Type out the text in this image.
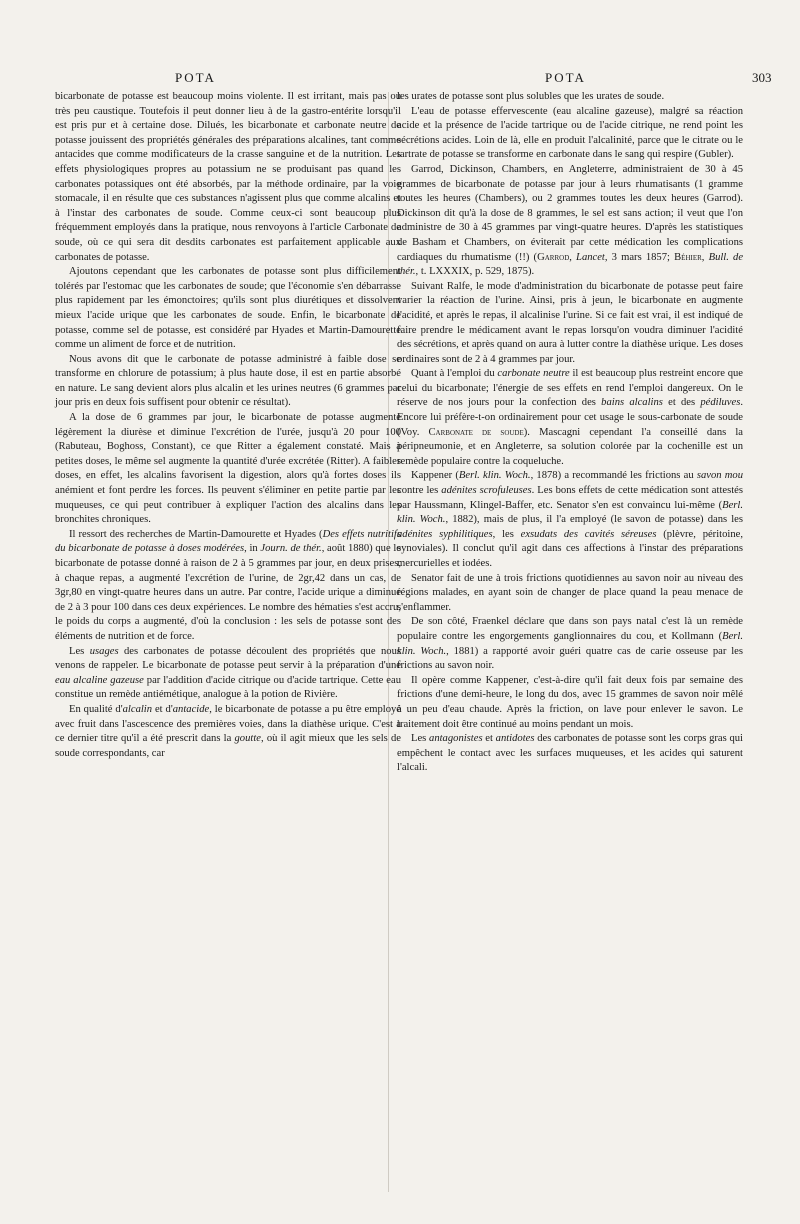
POTA	POTA	303

bicarbonate de potasse est beaucoup moins violente. Il est irritant, mais pas ou très peu caustique. Toutefois il peut donner lieu à de la gastro-entérite lorsqu'il est pris pur et à certaine dose. Dilués, les bicarbonate et carbonate neutre de potasse jouissent des propriétés générales des préparations alcalines, tant comme antacides que comme modificateurs de la crasse sanguine et de la nutrition. Les effets physiologiques propres au potassium ne se produisant pas quand les carbonates potassiques ont été absorbés, par la méthode ordinaire, par la voie stomacale, il en résulte que ces substances n'agissent plus que comme alcalins et à l'instar des carbonates de soude. Comme ceux-ci sont beaucoup plus fréquemment employés dans la pratique, nous renvoyons à l'article Carbonate de soude, où ce qui sera dit desdits carbonates est parfaitement applicable aux carbonates de potasse.

Ajoutons cependant que les carbonates de potasse sont plus difficilement tolérés par l'estomac que les carbonates de soude; que l'économie s'en débarrasse plus rapidement par les émonctoires; qu'ils sont plus diurétiques et dissolvent mieux l'acide urique que les carbonates de soude. Enfin, le bicarbonate de potasse, comme sel de potasse, est considéré par Hyades et Martin-Damourette comme un aliment de force et de nutrition.

Nous avons dit que le carbonate de potasse administré à faible dose se transforme en chlorure de potassium; à plus haute dose, il est en partie absorbé en nature. Le sang devient alors plus alcalin et les urines neutres (6 grammes par jour pris en deux fois suffisent pour obtenir ce résultat).

A la dose de 6 grammes par jour, le bicarbonate de potasse augmente légèrement la diurèse et diminue l'excrétion de l'urée, jusqu'à 20 pour 100 (Rabuteau, Boghoss, Constant), ce que Ritter a également constaté. Mais à petites doses, le même sel augmente la quantité d'urée excrétée (Ritter). A faibles doses, en effet, les alcalins favorisent la digestion, alors qu'à fortes doses ils anémient et font perdre les forces. Ils peuvent s'éliminer en petite partie par les muqueuses, ce qui peut contribuer à expliquer l'action des alcalins dans les bronchites chroniques.

Il ressort des recherches de Martin-Damourette et Hyades (Des effets nutritifs du bicarbonate de potasse à doses modérées, in Journ. de thér., août 1880) que le bicarbonate de potasse donné à raison de 2 à 5 grammes par jour, en deux prises, à chaque repas, a augmenté l'excrétion de l'urine, de 2gr,42 dans un cas, de 3gr,80 en vingt-quatre heures dans un autre. Par contre, l'acide urique a diminué de 2 à 3 pour 100 dans ces deux expériences. Le nombre des hématies s'est accru, le poids du corps a augmenté, d'où la conclusion : les sels de potasse sont des éléments de nutrition et de force.

Les usages des carbonates de potasse découlent des propriétés que nous venons de rappeler. Le bicarbonate de potasse peut servir à la préparation d'une eau alcaline gazeuse par l'addition d'acide citrique ou d'acide tartrique. Cette eau constitue un remède antiémétique, analogue à la potion de Rivière.

En qualité d'alcalin et d'antacide, le bicarbonate de potasse a pu être employé avec fruit dans l'ascescence des premières voies, dans la diathèse urique. C'est à ce dernier titre qu'il a été prescrit dans la goutte, où il agit mieux que les sels de soude correspondants, car

les urates de potasse sont plus solubles que les urates de soude.

L'eau de potasse effervescente (eau alcaline gazeuse), malgré sa réaction acide et la présence de l'acide tartrique ou de l'acide citrique, ne rend point les sécrétions acides. Loin de là, elle en produit l'alcalinité, parce que le citrate ou le tartrate de potasse se transforme en carbonate dans le sang qui respire (Gubler).

Garrod, Dickinson, Chambers, en Angleterre, administraient de 30 à 45 grammes de bicarbonate de potasse par jour à leurs rhumatisants (1 gramme toutes les heures (Chambers), ou 2 grammes toutes les deux heures (Garrod). Dickinson dit qu'à la dose de 8 grammes, le sel est sans action; il veut que l'on administre de 30 à 45 grammes par vingt-quatre heures. D'après les statistiques de Basham et Chambers, on éviterait par cette médication les complications cardiaques du rhumatisme (!!) (Garrod, Lancet, 3 mars 1857; Béhier, Bull. de thér., t. LXXXIX, p. 529, 1875).

Suivant Ralfe, le mode d'administration du bicarbonate de potasse peut faire varier la réaction de l'urine. Ainsi, pris à jeun, le bicarbonate en augmente l'acidité, et après le repas, il alcalinise l'urine. Si ce fait est vrai, il est indiqué de faire prendre le médicament avant le repas lorsqu'on voudra diminuer l'acidité des sécrétions, et après quand on aura à lutter contre la diathèse urique. Les doses ordinaires sont de 2 à 4 grammes par jour.

Quant à l'emploi du carbonate neutre il est beaucoup plus restreint encore que celui du bicarbonate; l'énergie de ses effets en rend l'emploi dangereux. On le réserve de nos jours pour la confection des bains alcalins et des pédiluves. Encore lui préfère-t-on ordinairement pour cet usage le sous-carbonate de soude (Voy. Carbonate de soude). Mascagni cependant l'a conseillé dans la péripneumonie, et en Angleterre, sa solution colorée par la cochenille est un remède populaire contre la coqueluche.

Kappener (Berl. klin. Woch., 1878) a recommandé les frictions au savon mou contre les adénites scrofuleuses. Les bons effets de cette médication sont attestés par Haussmann, Klingel-Baffer, etc. Senator s'en est convaincu lui-même (Berl. klin. Woch., 1882), mais de plus, il l'a employé (le savon de potasse) dans les adénites syphilitiques, les exsudats des cavités séreuses (plèvre, péritoine, synoviales). Il conclut qu'il agit dans ces affections à l'instar des préparations mercurielles et iodées.

Senator fait de une à trois frictions quotidiennes au savon noir au niveau des régions malades, en ayant soin de changer de place quand la peau menace de s'enflammer.

De son côté, Fraenkel déclare que dans son pays natal c'est là un remède populaire contre les engorgements ganglionnaires du cou, et Kollmann (Berl. klin. Woch., 1881) a rapporté avoir guéri quatre cas de carie osseuse par les frictions au savon noir.

Il opère comme Kappener, c'est-à-dire qu'il fait deux fois par semaine des frictions d'une demi-heure, le long du dos, avec 15 grammes de savon noir mêlé à un peu d'eau chaude. Après la friction, on lave pour enlever le savon. Le traitement doit être continué au moins pendant un mois.

Les antagonistes et antidotes des carbonates de potasse sont les corps gras qui empêchent le contact avec les surfaces muqueuses, et les acides qui saturent l'alcali.
